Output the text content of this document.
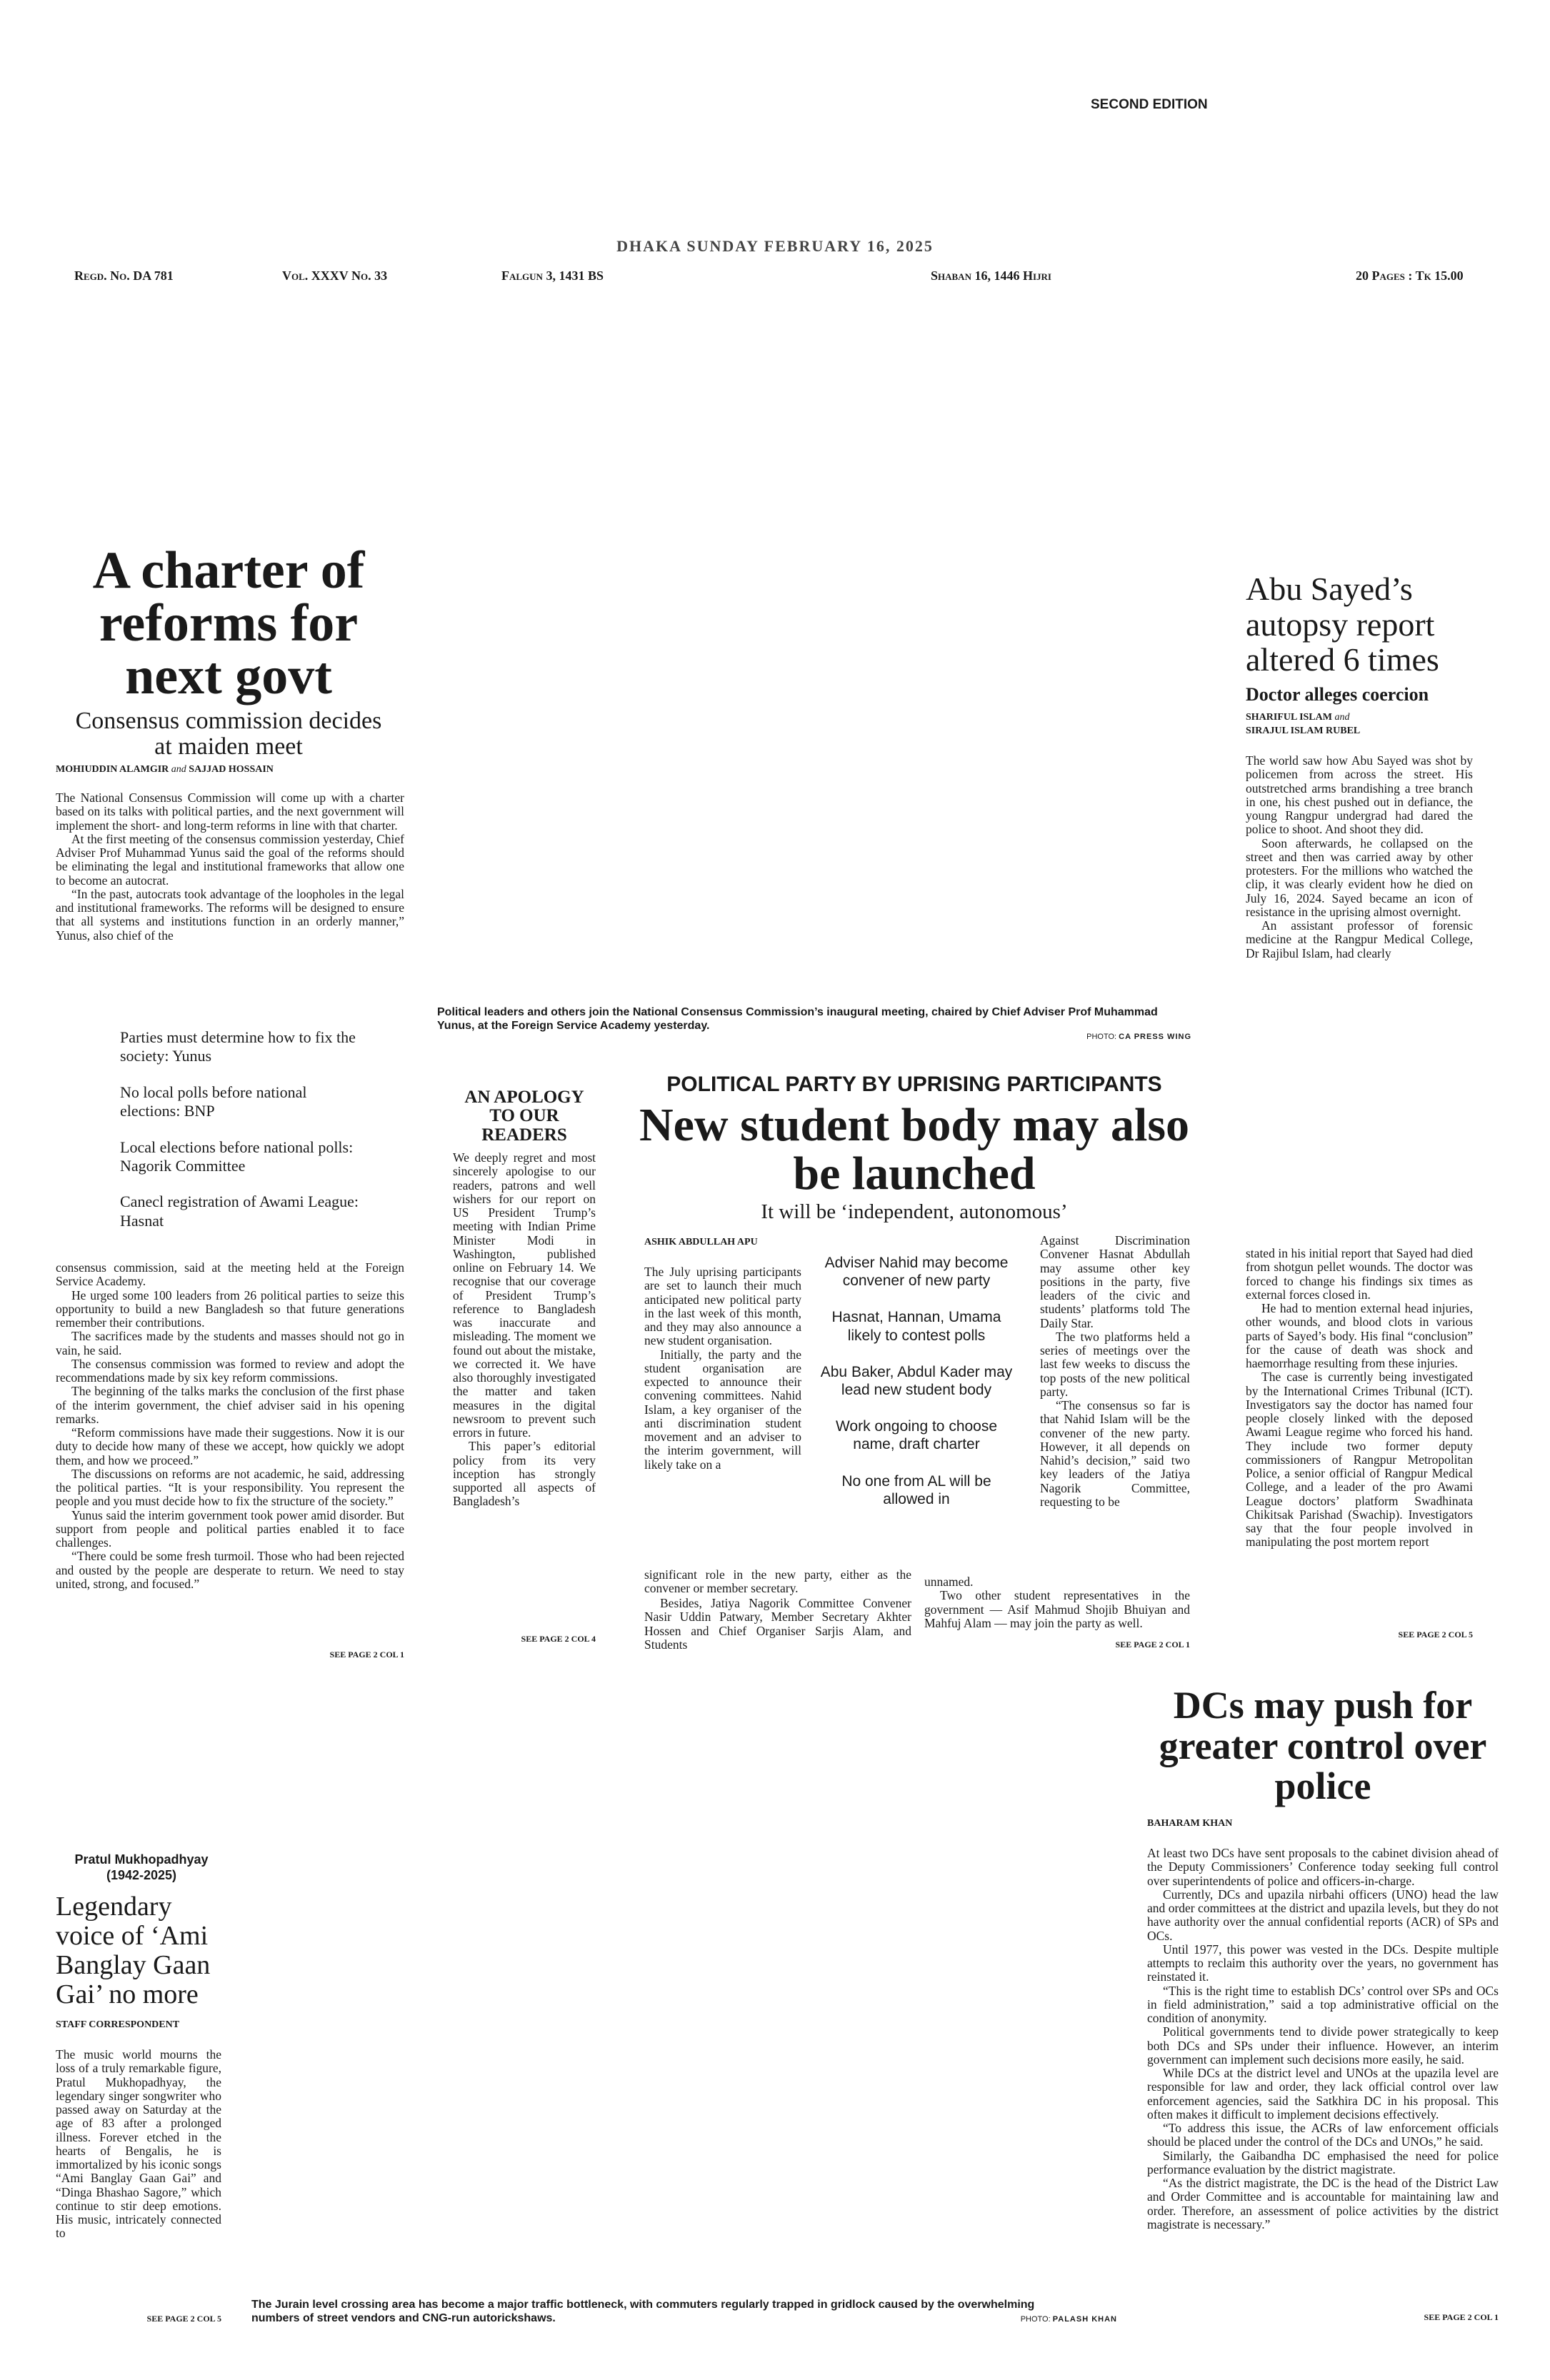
SECOND EDITION
DHAKA SUNDAY FEBRUARY 16, 2025
Regd. No. DA 781	Vol. XXXV No. 33	Falgun 3, 1431 BS	Shaban 16, 1446 Hijri	20 Pages : Tk 15.00
A charter of reforms for next govt
Consensus commission decides at maiden meet
MOHIUDDIN ALAMGIR and SAJJAD HOSSAIN

The National Consensus Commission will come up with a charter based on its talks with political parties, and the next government will implement the short- and long-term reforms in line with that charter.

At the first meeting of the consensus commission yesterday, Chief Adviser Prof Muhammad Yunus said the goal of the reforms should be eliminating the legal and institutional frameworks that allow one to become an autocrat.

“In the past, autocrats took advantage of the loopholes in the legal and institutional frameworks. The reforms will be designed to ensure that all systems and institutions function in an orderly manner,” Yunus, also chief of the

Parties must determine how to fix the society: Yunus
No local polls before national elections: BNP
Local elections before national polls: Nagorik Committee
Canecl registration of Awami League: Hasnat

consensus commission, said at the meeting held at the Foreign Service Academy.

He urged some 100 leaders from 26 political parties to seize this opportunity to build a new Bangladesh so that future generations remember their contributions.

The sacrifices made by the students and masses should not go in vain, he said.

The consensus commission was formed to review and adopt the recommendations made by six key reform commissions.

The beginning of the talks marks the conclusion of the first phase of the interim government, the chief adviser said in his opening remarks.

“Reform commissions have made their suggestions. Now it is our duty to decide how many of these we accept, how quickly we adopt them, and how we proceed.”

The discussions on reforms are not academic, he said, addressing the political parties. “It is your responsibility. You represent the people and you must decide how to fix the structure of the society.”

Yunus said the interim government took power amid disorder. But support from people and political parties enabled it to face challenges.

“There could be some fresh turmoil. Those who had been rejected and ousted by the people are desperate to return. We need to stay united, strong, and focused.”

SEE PAGE 2 COL 1
Political leaders and others join the National Consensus Commission’s inaugural meeting, chaired by Chief Adviser Prof Muhammad Yunus, at the Foreign Service Academy yesterday.
PHOTO: CA PRESS WING
Abu Sayed’s autopsy report altered 6 times
Doctor alleges coercion
SHARIFUL ISLAM and
SIRAJUL ISLAM RUBEL

The world saw how Abu Sayed was shot by policemen from across the street. His outstretched arms brandishing a tree branch in one, his chest pushed out in defiance, the young Rangpur undergrad had dared the police to shoot. And shoot they did.

Soon afterwards, he collapsed on the street and then was carried away by other protesters. For the millions who watched the clip, it was clearly evident how he died on July 16, 2024. Sayed became an icon of resistance in the uprising almost overnight.

An assistant professor of forensic medicine at the Rangpur Medical College, Dr Rajibul Islam, had clearly

stated in his initial report that Sayed had died from shotgun pellet wounds. The doctor was forced to change his findings six times as external forces closed in.

He had to mention external head injuries, other wounds, and blood clots in various parts of Sayed’s body. His final “conclusion” for the cause of death was shock and haemorrhage resulting from these injuries.

The case is currently being investigated by the International Crimes Tribunal (ICT). Investigators say the doctor has named four people closely linked with the deposed Awami League regime who forced his hand. They include two former deputy commissioners of Rangpur Metropolitan Police, a senior official of Rangpur Medical College, and a leader of the pro Awami League doctors’ platform Swadhinata Chikitsak Parishad (Swachip). Investigators say that the four people involved in manipulating the post mortem report

SEE PAGE 2 COL 5
AN APOLOGY TO OUR READERS

We deeply regret and most sincerely apologise to our readers, patrons and well wishers for our report on US President Trump’s meeting with Indian Prime Minister Modi in Washington, published online on February 14. We recognise that our coverage of President Trump’s reference to Bangladesh was inaccurate and misleading. The moment we found out about the mistake, we corrected it. We have also thoroughly investigated the matter and taken measures in the digital newsroom to prevent such errors in future.

This paper’s editorial policy from its very inception has strongly supported all aspects of Bangladesh’s

SEE PAGE 2 COL 4
POLITICAL PARTY BY UPRISING PARTICIPANTS
New student body may also be launched
It will be ‘independent, autonomous’
ASHIK ABDULLAH APU

The July uprising participants are set to launch their much anticipated new political party in the last week of this month, and they may also announce a new student organisation.

Initially, the party and the student organisation are expected to announce their convening committees. Nahid Islam, a key organiser of the anti discrimination student movement and an adviser to the interim government, will likely take on a

Adviser Nahid may become convener of new party
Hasnat, Hannan, Umama likely to contest polls
Abu Baker, Abdul Kader may lead new student body
Work ongoing to choose name, draft charter
No one from AL will be allowed in
significant role in the new party, either as the convener or member secretary.

Besides, Jatiya Nagorik Committee Convener Nasir Uddin Patwary, Member Secretary Akhter Hossen and Chief Organiser Sarjis Alam, and Students

Against Discrimination Convener Hasnat Abdullah may assume other key positions in the party, five leaders of the civic and students’ platforms told The Daily Star.

The two platforms held a series of meetings over the last few weeks to discuss the top posts of the new political party.

“The consensus so far is that Nahid Islam will be the convener of the new party. However, it all depends on Nahid’s decision,” said two key leaders of the Jatiya Nagorik Committee, requesting to be

unnamed.

Two other student representatives in the government — Asif Mahmud Shojib Bhuiyan and Mahfuj Alam — may join the party as well.

SEE PAGE 2 COL 1
Pratul Mukhopadhyay
(1942-2025)
Legendary voice of ‘Ami Banglay Gaan Gai’ no more
STAFF CORRESPONDENT

The music world mourns the loss of a truly remarkable figure, Pratul Mukhopadhyay, the legendary singer songwriter who passed away on Saturday at the age of 83 after a prolonged illness. Forever etched in the hearts of Bengalis, he is immortalized by his iconic songs “Ami Banglay Gaan Gai” and “Dinga Bhashao Sagore,” which continue to stir deep emotions. His music, intricately connected to

SEE PAGE 2 COL 5
The Jurain level crossing area has become a major traffic bottleneck, with commuters regularly trapped in gridlock caused by the overwhelming numbers of street vendors and CNG-run autorickshaws.	PHOTO: PALASH KHAN
DCs may push for greater control over police
BAHARAM KHAN

At least two DCs have sent proposals to the cabinet division ahead of the Deputy Commissioners’ Conference today seeking full control over superintendents of police and officers-in-charge.

Currently, DCs and upazila nirbahi officers (UNO) head the law and order committees at the district and upazila levels, but they do not have authority over the annual confidential reports (ACR) of SPs and OCs.

Until 1977, this power was vested in the DCs. Despite multiple attempts to reclaim this authority over the years, no government has reinstated it.

“This is the right time to establish DCs’ control over SPs and OCs in field administration,” said a top administrative official on the condition of anonymity.

Political governments tend to divide power strategically to keep both DCs and SPs under their influence. However, an interim government can implement such decisions more easily, he said.

While DCs at the district level and UNOs at the upazila level are responsible for law and order, they lack official control over law enforcement agencies, said the Satkhira DC in his proposal. This often makes it difficult to implement decisions effectively.

“To address this issue, the ACRs of law enforcement officials should be placed under the control of the DCs and UNOs,” he said.

Similarly, the Gaibandha DC emphasised the need for police performance evaluation by the district magistrate.

“As the district magistrate, the DC is the head of the District Law and Order Committee and is accountable for maintaining law and order. Therefore, an assessment of police activities by the district magistrate is necessary.”

SEE PAGE 2 COL 1
